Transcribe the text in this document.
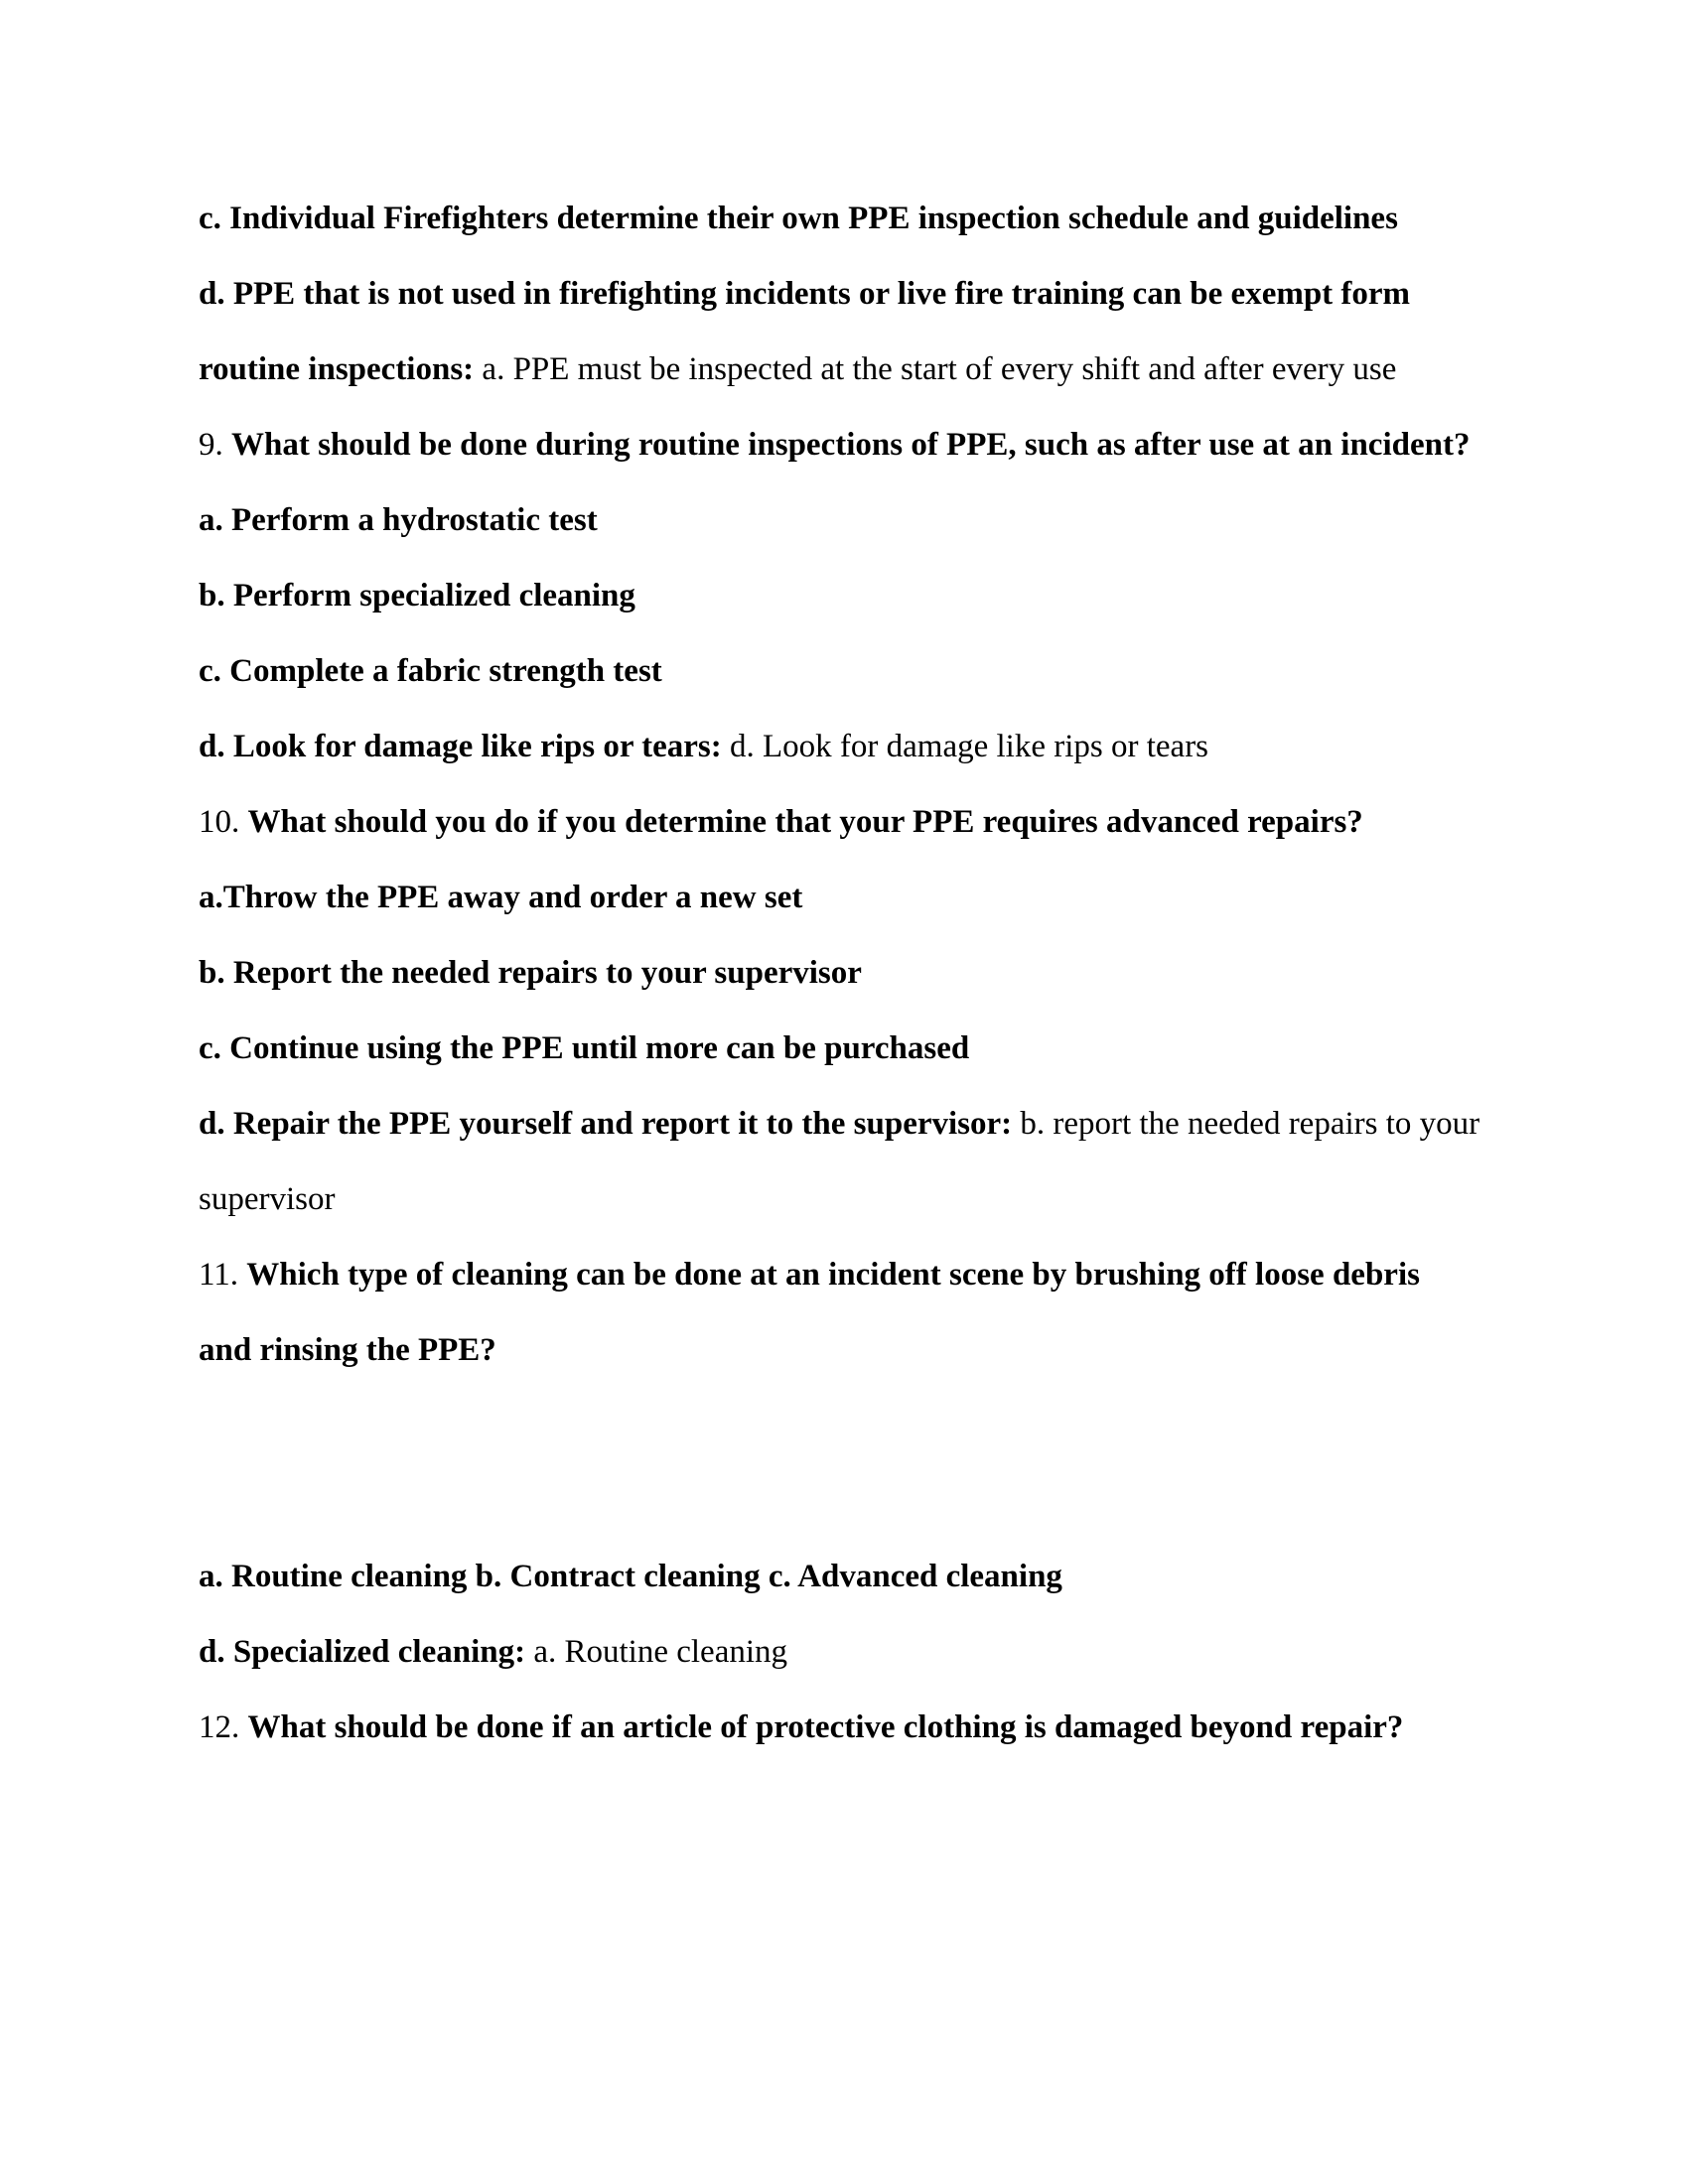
c. Individual Firefighters determine their own PPE inspection schedule and guidelines
d. PPE that is not used in firefighting incidents or live fire training can be exempt form
routine inspections: a. PPE must be inspected at the start of every shift and after every use
9. What should be done during routine inspections of PPE, such as after use at an incident?
a. Perform a hydrostatic test
b. Perform specialized cleaning
c. Complete a fabric strength test
d. Look for damage like rips or tears: d. Look for damage like rips or tears
10. What should you do if you determine that your PPE requires advanced repairs?
a.Throw the PPE away and order a new set
b. Report the needed repairs to your supervisor
c. Continue using the PPE until more can be purchased
d. Repair the PPE yourself and report it to the supervisor: b. report the needed repairs to your
supervisor
11. Which type of cleaning can be done at an incident scene by brushing off loose debris
and rinsing the PPE?
a. Routine cleaning b. Contract cleaning c. Advanced cleaning
d. Specialized cleaning: a. Routine cleaning
12. What should be done if an article of protective clothing is damaged beyond repair?
